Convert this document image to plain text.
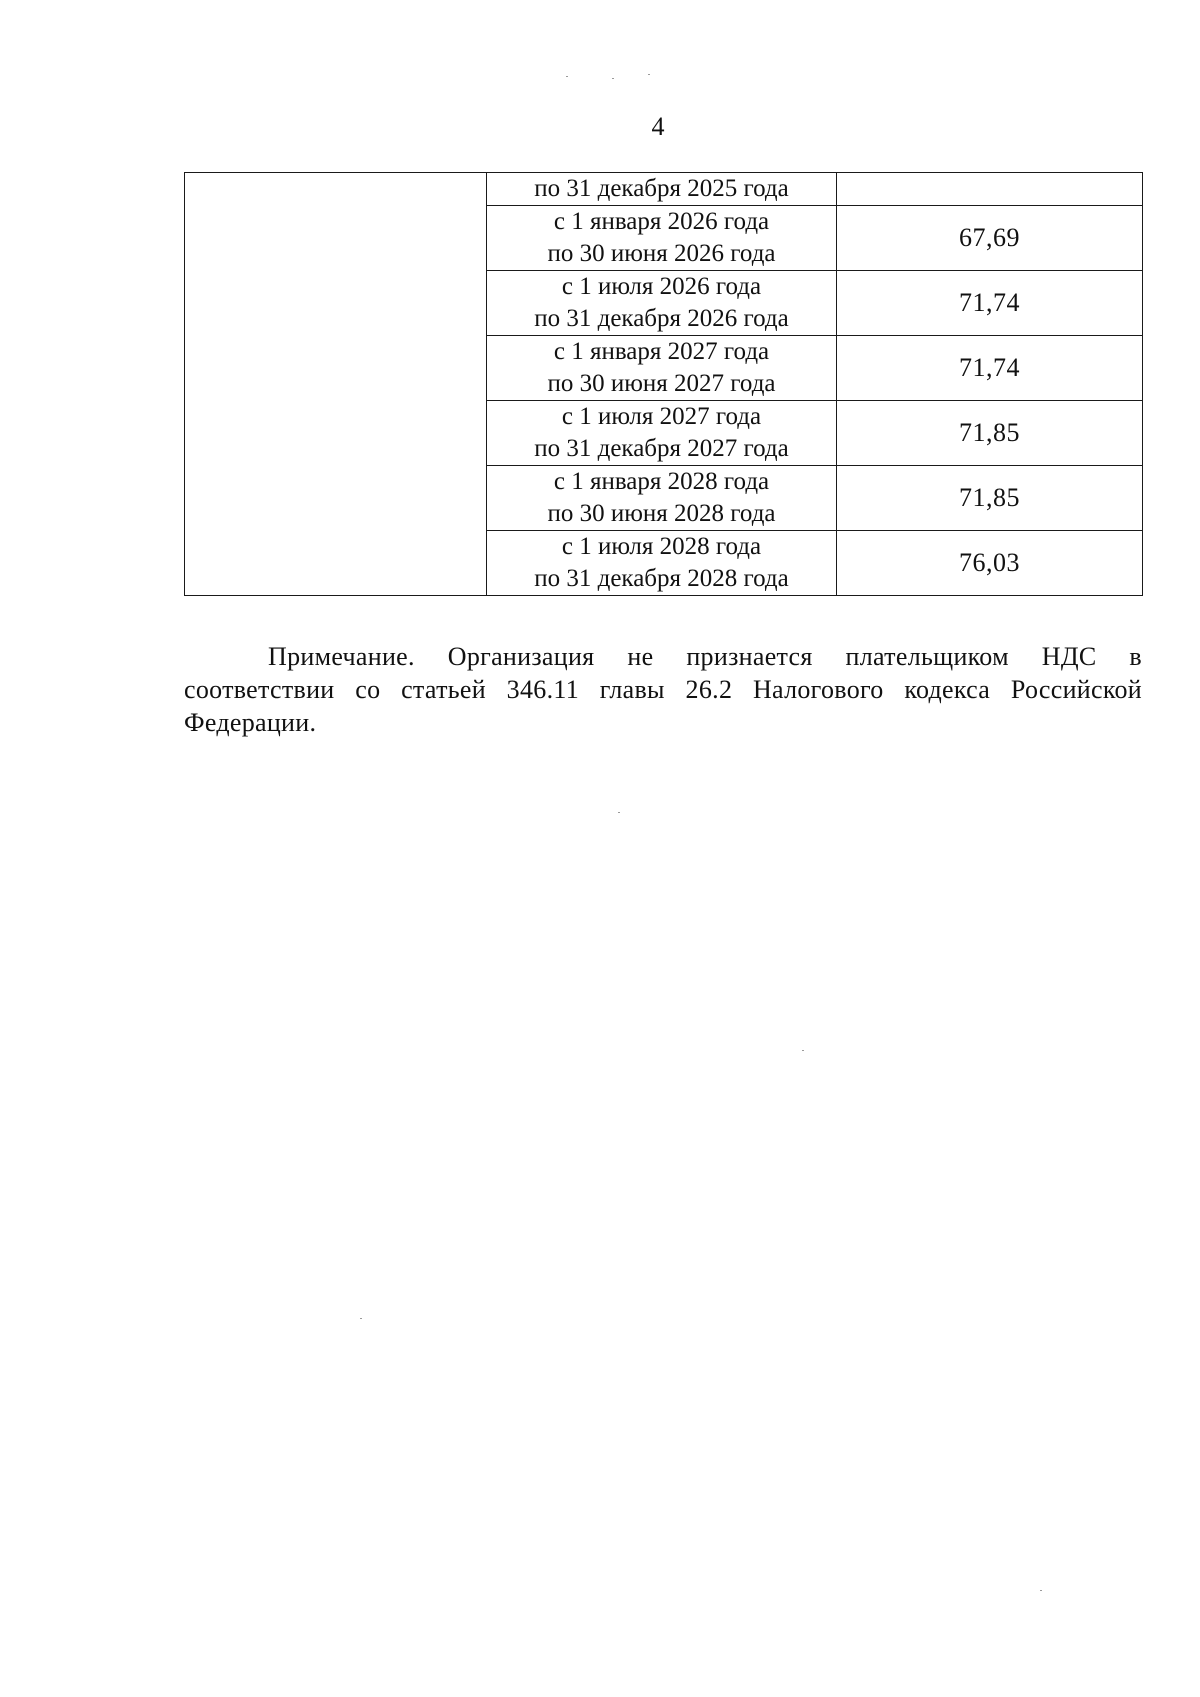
4

	по 31 декабря 2025 года	

	с 1 января 2026 года
по 30 июня 2026 года	67,69

	с 1 июля 2026 года
по 31 декабря 2026 года	71,74

	с 1 января 2027 года
по 30 июня 2027 года	71,74

	с 1 июля 2027 года
по 31 декабря 2027 года	71,85

	с 1 января 2028 года
по 30 июня 2028 года	71,85

	с 1 июля 2028 года
по 31 декабря 2028 года	76,03

Примечание. Организация не признается плательщиком НДС в соответствии со статьей 346.11 главы 26.2 Налогового кодекса Российской Федерации.
